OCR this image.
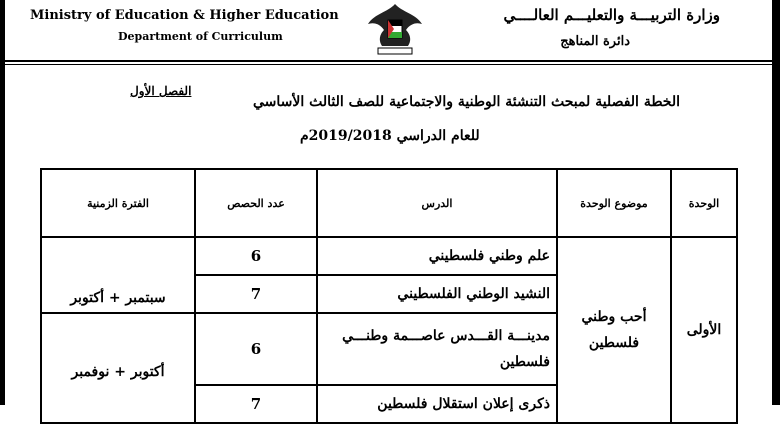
Ministry of Education & Higher Education
Department of Curriculum
وزارة التربيـــة والتعليـــم العالــــي
دائرة المناهج
الفصل الأول
الخطة الفصلية لمبحث التنشئة الوطنية والاجتماعية للصف الثالث الأساسي
للعام الدراسي 2019/2018م
الوحدة	موضوع الوحدة	الدرس	عدد الحصص	الفترة الزمنية
الأولى	أحب وطني فلسطين	علم وطني فلسطيني	6	سبتمبر + أكتوبر
		النشيد الوطني الفلسطيني	7	
		مدينـــة القـــدس عاصـــمة وطنـــي فلسطين	6	أكتوبر + نوفمبر
		ذكرى إعلان استقلال فلسطين	7	
